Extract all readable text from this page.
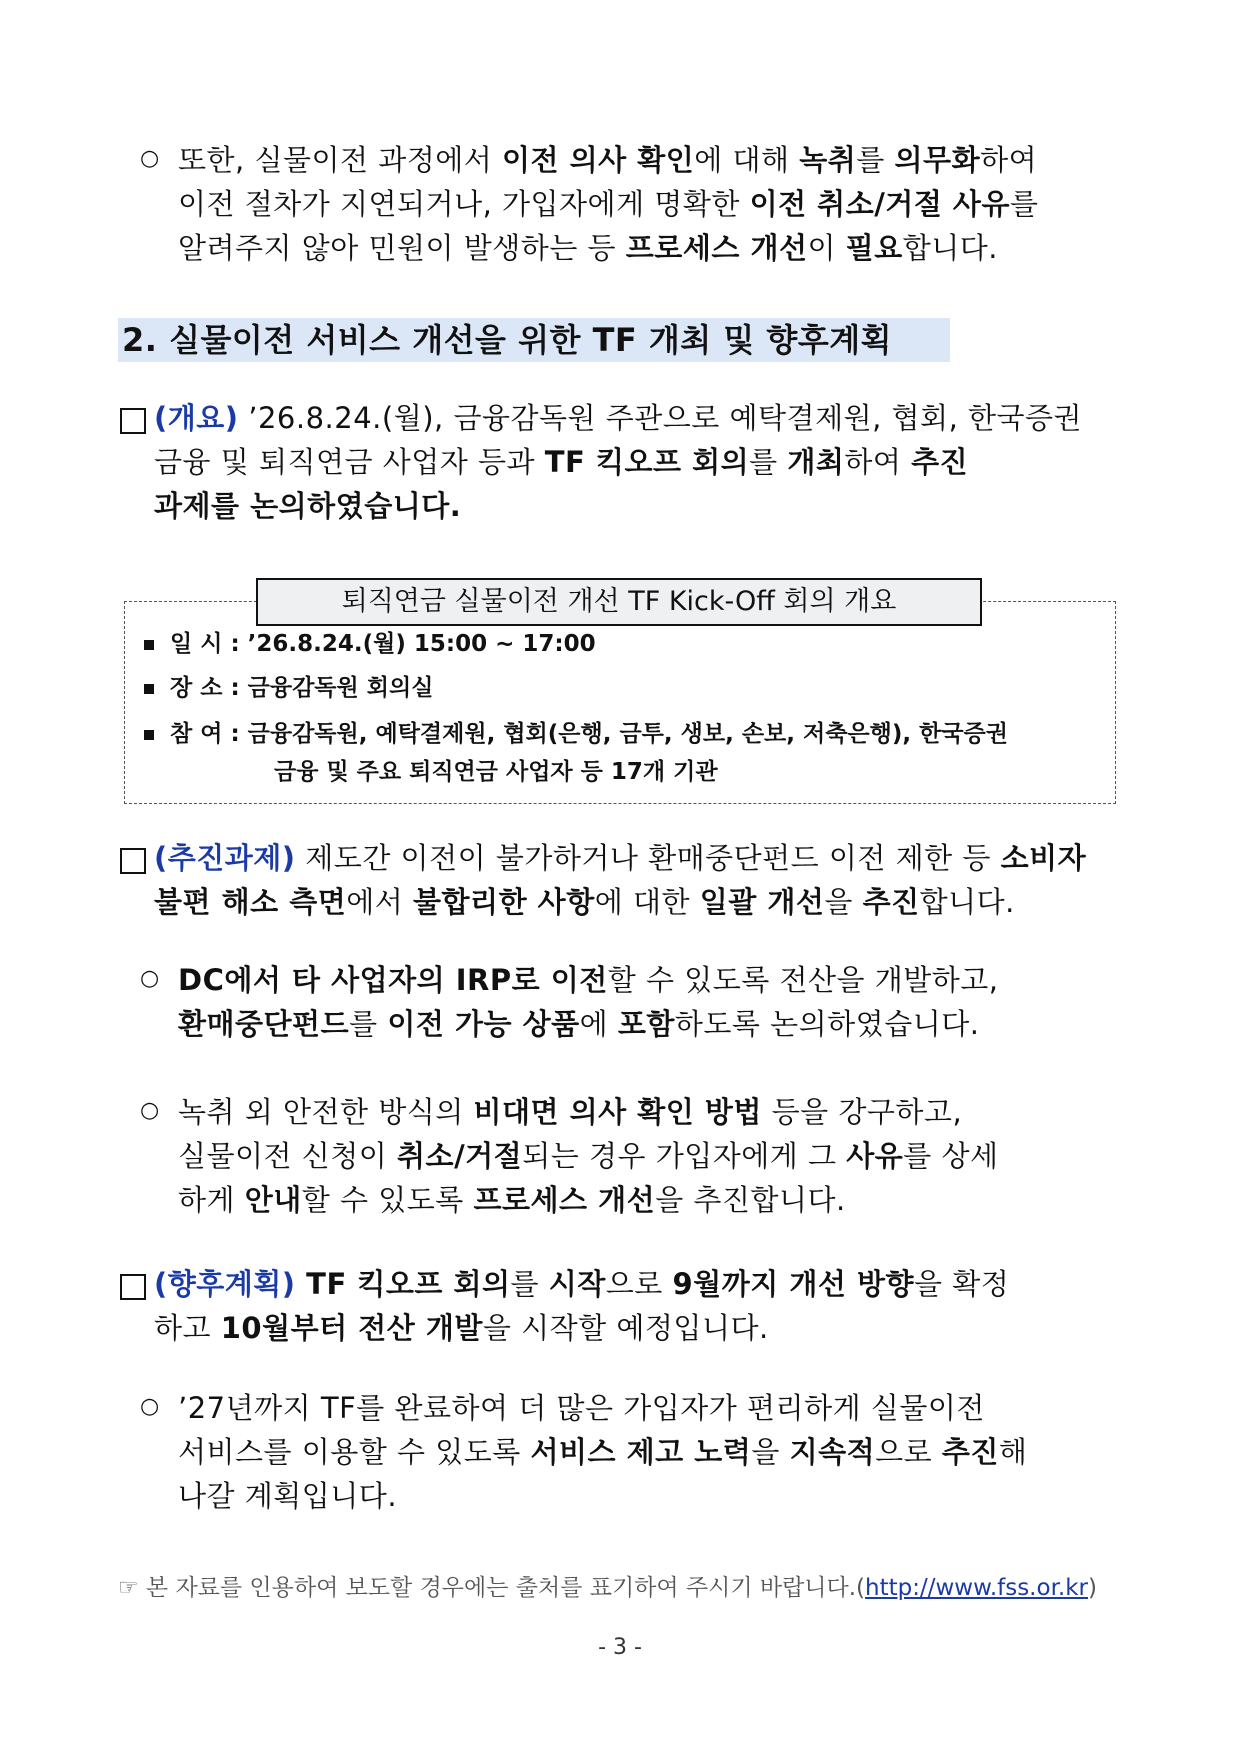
○ 또한, 실물이전 과정에서 이전 의사 확인에 대해 녹취를 의무화하여
이전 절차가 지연되거나, 가입자에게 명확한 이전 취소/거절 사유를
알려주지 않아 민원이 발생하는 등 프로세스 개선이 필요합니다.
2. 실물이전 서비스 개선을 위한 TF 개최 및 향후계획
(개요) ’26.8.24.(월), 금융감독원 주관으로 예탁결제원, 협회, 한국증권
금융 및 퇴직연금 사업자 등과 TF 킥오프 회의를 개최하여 추진
과제를 논의하였습니다.
퇴직연금 실물이전 개선 TF Kick-Off 회의 개요
일 시 : ’26.8.24.(월) 15:00 ~ 17:00
장 소 : 금융감독원 회의실
참 여 : 금융감독원, 예탁결제원, 협회(은행, 금투, 생보, 손보, 저축은행), 한국증권
금융 및 주요 퇴직연금 사업자 등 17개 기관
(추진과제) 제도간 이전이 불가하거나 환매중단펀드 이전 제한 등 소비자
불편 해소 측면에서 불합리한 사항에 대한 일괄 개선을 추진합니다.
○ DC에서 타 사업자의 IRP로 이전할 수 있도록 전산을 개발하고,
환매중단펀드를 이전 가능 상품에 포함하도록 논의하였습니다.
○ 녹취 외 안전한 방식의 비대면 의사 확인 방법 등을 강구하고,
실물이전 신청이 취소/거절되는 경우 가입자에게 그 사유를 상세
하게 안내할 수 있도록 프로세스 개선을 추진합니다.
(향후계획) TF 킥오프 회의를 시작으로 9월까지 개선 방향을 확정
하고 10월부터 전산 개발을 시작할 예정입니다.
○ ’27년까지 TF를 완료하여 더 많은 가입자가 편리하게 실물이전
서비스를 이용할 수 있도록 서비스 제고 노력을 지속적으로 추진해
나갈 계획입니다.
☞ 본 자료를 인용하여 보도할 경우에는 출처를 표기하여 주시기 바랍니다.(http://www.fss.or.kr)
- 3 -
